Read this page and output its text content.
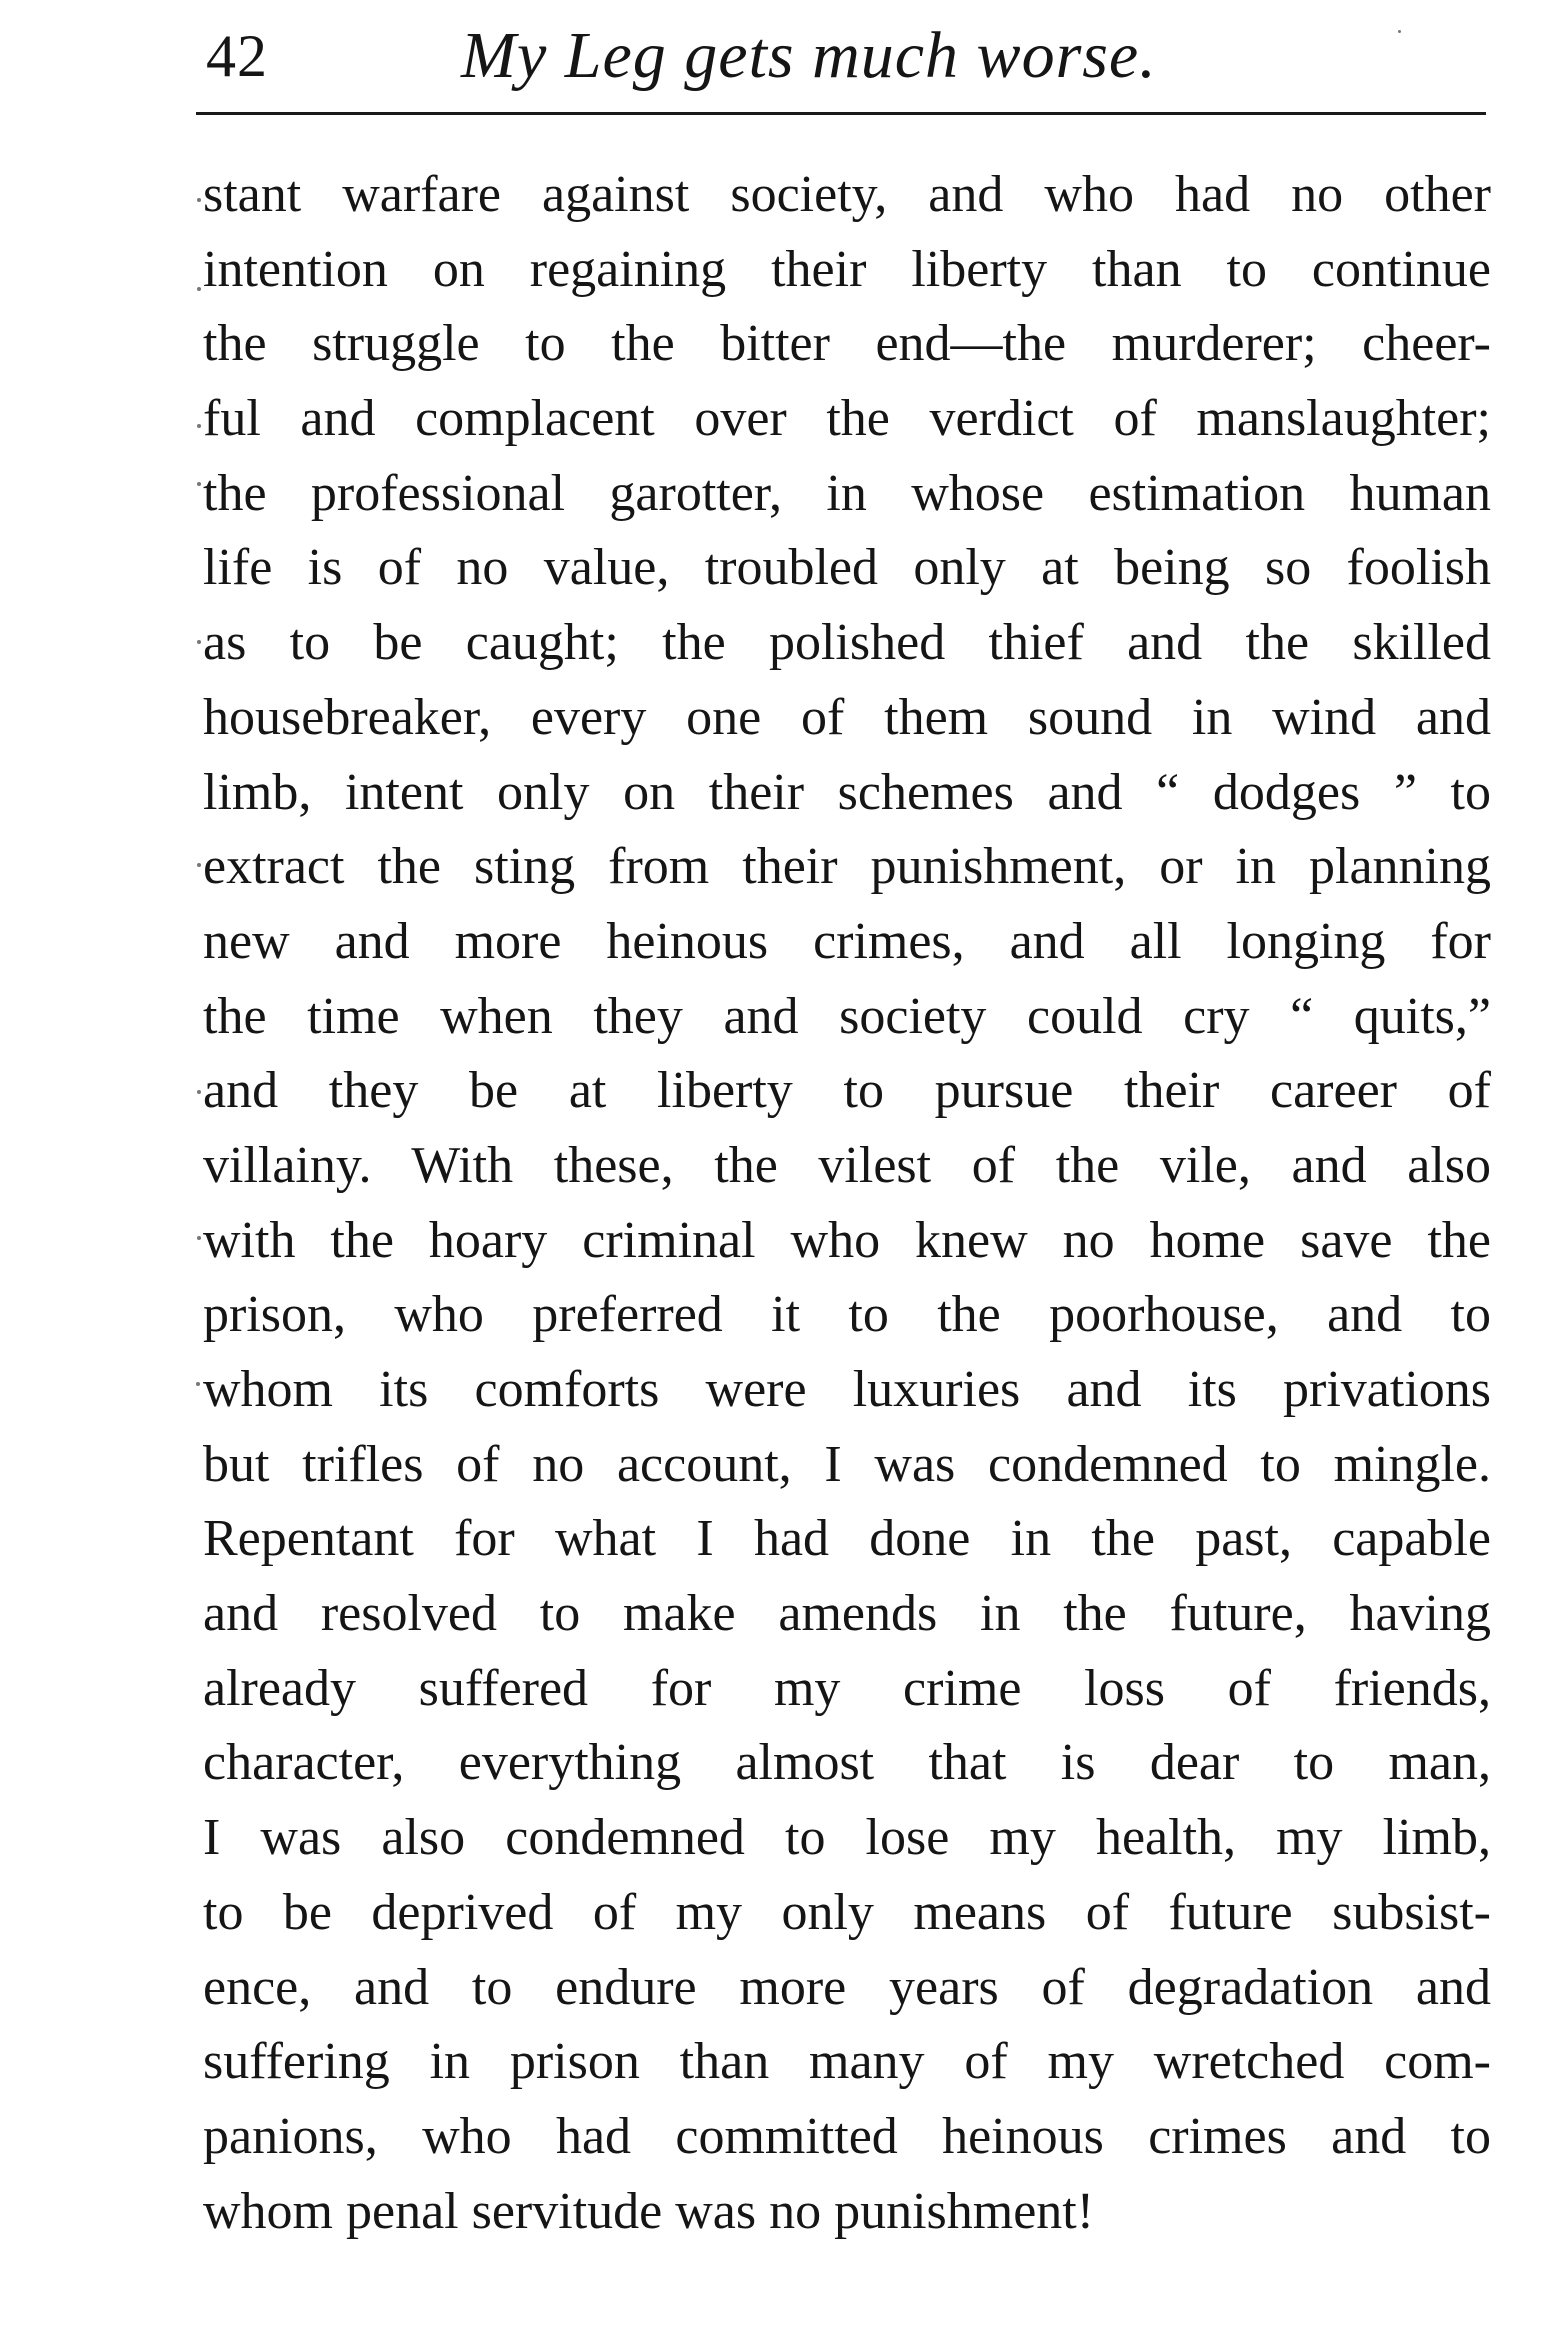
42	My Leg gets much worse.
stant warfare against society, and who had no other
intention on regaining their liberty than to continue
the struggle to the bitter end—the murderer; cheer-
ful and complacent over the verdict of manslaughter;
the professional garotter, in whose estimation human
life is of no value, troubled only at being so foolish
as to be caught; the polished thief and the skilled
housebreaker, every one of them sound in wind and
limb, intent only on their schemes and “ dodges ” to
extract the sting from their punishment, or in planning
new and more heinous crimes, and all longing for
the time when they and society could cry “ quits,”
and they be at liberty to pursue their career of
villainy. With these, the vilest of the vile, and also
with the hoary criminal who knew no home save the
prison, who preferred it to the poorhouse, and to
whom its comforts were luxuries and its privations
but trifles of no account, I was condemned to mingle.
Repentant for what I had done in the past, capable
and resolved to make amends in the future, having
already suffered for my crime loss of friends,
character, everything almost that is dear to man,
I was also condemned to lose my health, my limb,
to be deprived of my only means of future subsist-
ence, and to endure more years of degradation and
suffering in prison than many of my wretched com-
panions, who had committed heinous crimes and to
whom penal servitude was no punishment!
